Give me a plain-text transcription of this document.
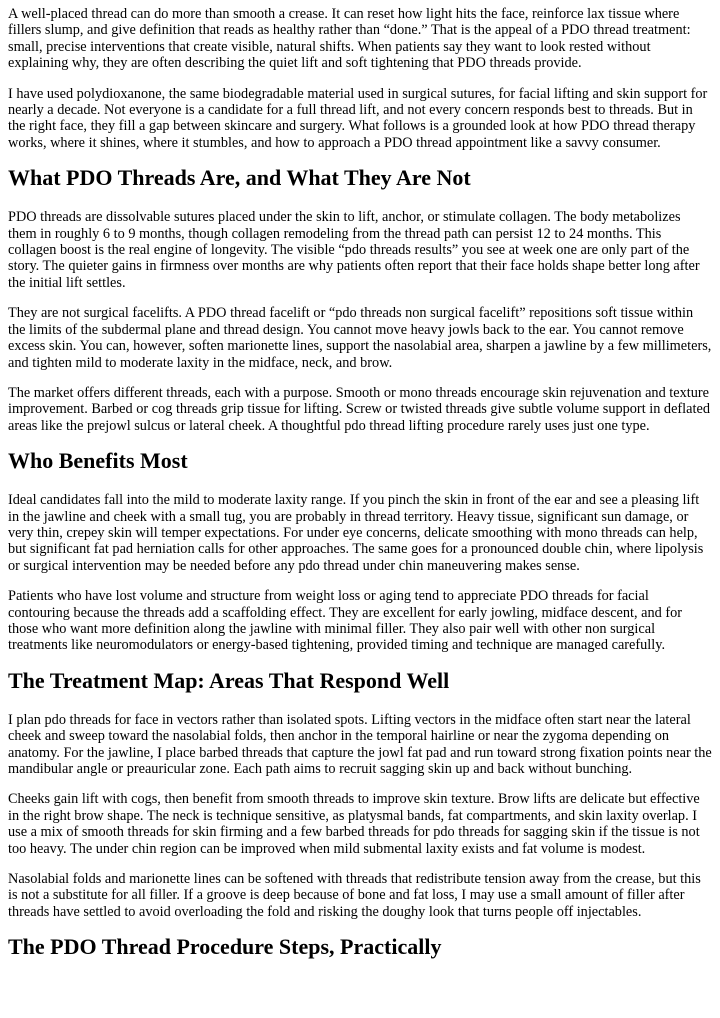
A well-placed thread can do more than smooth a crease. It can reset how light hits the face, reinforce lax tissue where fillers slump, and give definition that reads as healthy rather than “done.” That is the appeal of a PDO thread treatment: small, precise interventions that create visible, natural shifts. When patients say they want to look rested without explaining why, they are often describing the quiet lift and soft tightening that PDO threads provide.

I have used polydioxanone, the same biodegradable material used in surgical sutures, for facial lifting and skin support for nearly a decade. Not everyone is a candidate for a full thread lift, and not every concern responds best to threads. But in the right face, they fill a gap between skincare and surgery. What follows is a grounded look at how PDO thread therapy works, where it shines, where it stumbles, and how to approach a PDO thread appointment like a savvy consumer.

What PDO Threads Are, and What They Are Not

PDO threads are dissolvable sutures placed under the skin to lift, anchor, or stimulate collagen. The body metabolizes them in roughly 6 to 9 months, though collagen remodeling from the thread path can persist 12 to 24 months. This collagen boost is the real engine of longevity. The visible “pdo threads results” you see at week one are only part of the story. The quieter gains in firmness over months are why patients often report that their face holds shape better long after the initial lift settles.

They are not surgical facelifts. A PDO thread facelift or “pdo threads non surgical facelift” repositions soft tissue within the limits of the subdermal plane and thread design. You cannot move heavy jowls back to the ear. You cannot remove excess skin. You can, however, soften marionette lines, support the nasolabial area, sharpen a jawline by a few millimeters, and tighten mild to moderate laxity in the midface, neck, and brow.

The market offers different threads, each with a purpose. Smooth or mono threads encourage skin rejuvenation and texture improvement. Barbed or cog threads grip tissue for lifting. Screw or twisted threads give subtle volume support in deflated areas like the prejowl sulcus or lateral cheek. A thoughtful pdo thread lifting procedure rarely uses just one type.

Who Benefits Most

Ideal candidates fall into the mild to moderate laxity range. If you pinch the skin in front of the ear and see a pleasing lift in the jawline and cheek with a small tug, you are probably in thread territory. Heavy tissue, significant sun damage, or very thin, crepey skin will temper expectations. For under eye concerns, delicate smoothing with mono threads can help, but significant fat pad herniation calls for other approaches. The same goes for a pronounced double chin, where lipolysis or surgical intervention may be needed before any pdo thread under chin maneuvering makes sense.

Patients who have lost volume and structure from weight loss or aging tend to appreciate PDO threads for facial contouring because the threads add a scaffolding effect. They are excellent for early jowling, midface descent, and for those who want more definition along the jawline with minimal filler. They also pair well with other non surgical treatments like neuromodulators or energy-based tightening, provided timing and technique are managed carefully.

The Treatment Map: Areas That Respond Well

I plan pdo threads for face in vectors rather than isolated spots. Lifting vectors in the midface often start near the lateral cheek and sweep toward the nasolabial folds, then anchor in the temporal hairline or near the zygoma depending on anatomy. For the jawline, I place barbed threads that capture the jowl fat pad and run toward strong fixation points near the mandibular angle or preauricular zone. Each path aims to recruit sagging skin up and back without bunching.

Cheeks gain lift with cogs, then benefit from smooth threads to improve skin texture. Brow lifts are delicate but effective in the right brow shape. The neck is technique sensitive, as platysmal bands, fat compartments, and skin laxity overlap. I use a mix of smooth threads for skin firming and a few barbed threads for pdo threads for sagging skin if the tissue is not too heavy. The under chin region can be improved when mild submental laxity exists and fat volume is modest.

Nasolabial folds and marionette lines can be softened with threads that redistribute tension away from the crease, but this is not a substitute for all filler. If a groove is deep because of bone and fat loss, I may use a small amount of filler after threads have settled to avoid overloading the fold and risking the doughy look that turns people off injectables.

The PDO Thread Procedure Steps, Practically
